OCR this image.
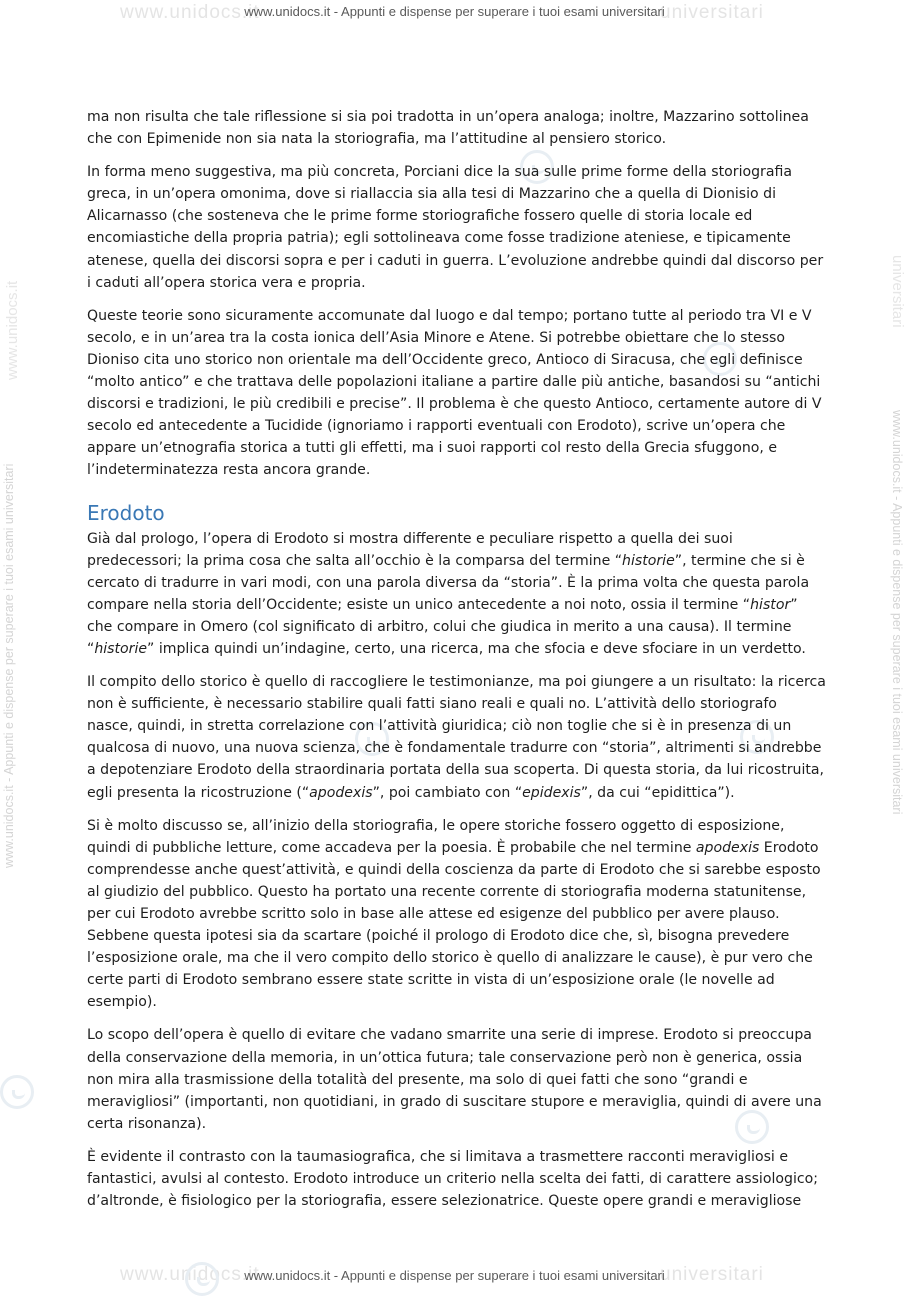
www.unidocs.it	universitari
www.unidocs.it - Appunti e dispense per superare i tuoi esami universitari
www.unidocs.it	universitari
www.unidocs.it - Appunti e dispense per superare i tuoi esami universitari
www.unidocs.it - Appunti e dispense per superare i tuoi esami universitari
www.unidocs.it
www.unidocs.it - Appunti e dispense per superare i tuoi esami universitari
universitari

ma non risulta che tale riflessione si sia poi tradotta in un’opera analoga; inoltre, Mazzarino sottolinea che con Epimenide non sia nata la storiografia, ma l’attitudine al pensiero storico.

In forma meno suggestiva, ma più concreta, Porciani dice la sua sulle prime forme della storiografia greca, in un’opera omonima, dove si riallaccia sia alla tesi di Mazzarino che a quella di Dionisio di Alicarnasso (che sosteneva che le prime forme storiografiche fossero quelle di storia locale ed encomiastiche della propria patria); egli sottolineava come fosse tradizione ateniese, e tipicamente atenese, quella dei discorsi sopra e per i caduti in guerra. L’evoluzione andrebbe quindi dal discorso per i caduti all’opera storica vera e propria.

Queste teorie sono sicuramente accomunate dal luogo e dal tempo; portano tutte al periodo tra VI e V secolo, e in un’area tra la costa ionica dell’Asia Minore e Atene. Si potrebbe obiettare che lo stesso Dioniso cita uno storico non orientale ma dell’Occidente greco, Antioco di Siracusa, che egli definisce “molto antico” e che trattava delle popolazioni italiane a partire dalle più antiche, basandosi su “antichi discorsi e tradizioni, le più credibili e precise”. Il problema è che questo Antioco, certamente autore di V secolo ed antecedente a Tucidide (ignoriamo i rapporti eventuali con Erodoto), scrive un’opera che appare un’etnografia storica a tutti gli effetti, ma i suoi rapporti col resto della Grecia sfuggono, e l’indeterminatezza resta ancora grande.

Erodoto

Già dal prologo, l’opera di Erodoto si mostra differente e peculiare rispetto a quella dei suoi predecessori; la prima cosa che salta all’occhio è la comparsa del termine “historie”, termine che si è cercato di tradurre in vari modi, con una parola diversa da “storia”. È la prima volta che questa parola compare nella storia dell’Occidente; esiste un unico antecedente a noi noto, ossia il termine “histor” che compare in Omero (col significato di arbitro, colui che giudica in merito a una causa). Il termine “historie” implica quindi un’indagine, certo, una ricerca, ma che sfocia e deve sfociare in un verdetto.

Il compito dello storico è quello di raccogliere le testimonianze, ma poi giungere a un risultato: la ricerca non è sufficiente, è necessario stabilire quali fatti siano reali e quali no. L’attività dello storiografo nasce, quindi, in stretta correlazione con l’attività giuridica; ciò non toglie che si è in presenza di un qualcosa di nuovo, una nuova scienza, che è fondamentale tradurre con “storia”, altrimenti si andrebbe a depotenziare Erodoto della straordinaria portata della sua scoperta. Di questa storia, da lui ricostruita, egli presenta la ricostruzione (“apodexis”, poi cambiato con “epidexis”, da cui “epidittica”).

Si è molto discusso se, all’inizio della storiografia, le opere storiche fossero oggetto di esposizione, quindi di pubbliche letture, come accadeva per la poesia. È probabile che nel termine apodexis Erodoto comprendesse anche quest’attività, e quindi della coscienza da parte di Erodoto che si sarebbe esposto al giudizio del pubblico. Questo ha portato una recente corrente di storiografia moderna statunitense, per cui Erodoto avrebbe scritto solo in base alle attese ed esigenze del pubblico per avere plauso. Sebbene questa ipotesi sia da scartare (poiché il prologo di Erodoto dice che, sì, bisogna prevedere l’esposizione orale, ma che il vero compito dello storico è quello di analizzare le cause), è pur vero che certe parti di Erodoto sembrano essere state scritte in vista di un’esposizione orale (le novelle ad esempio).

Lo scopo dell’opera è quello di evitare che vadano smarrite una serie di imprese. Erodoto si preoccupa della conservazione della memoria, in un’ottica futura; tale conservazione però non è generica, ossia non mira alla trasmissione della totalità del presente, ma solo di quei fatti che sono “grandi e meravigliosi” (importanti, non quotidiani, in grado di suscitare stupore e meraviglia, quindi di avere una certa risonanza).

È evidente il contrasto con la taumasiografica, che si limitava a trasmettere racconti meravigliosi e fantastici, avulsi al contesto. Erodoto introduce un criterio nella scelta dei fatti, di carattere assiologico; d’altronde, è fisiologico per la storiografia, essere selezionatrice. Queste opere grandi e meravigliose
